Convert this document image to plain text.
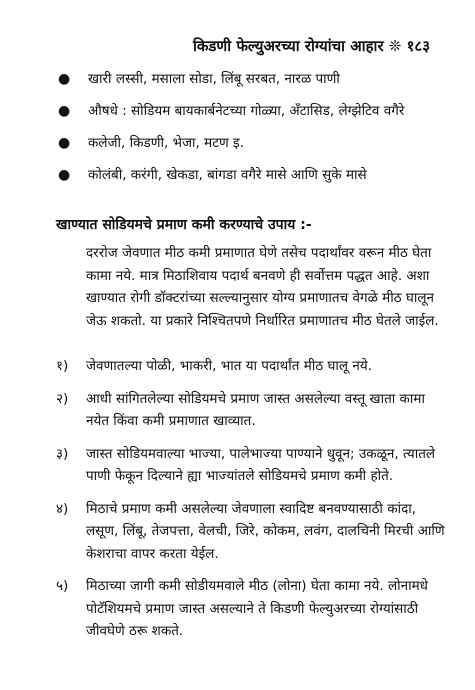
किडणी फेल्युअरच्या रोग्यांचा आहार ❊ १८३
●	खारी लस्सी, मसाला सोडा, लिंबू सरबत, नारळ पाणी
●	औषधे : सोडियम बायकार्बनेटच्या गोळ्या, अँटासिड, लेग्झेटिव वगैरे
●	कलेजी, किडणी, भेजा, मटण इ.
●	कोलंबी, करंगी, खेकडा, बांगडा वगैरे मासे आणि सुके मासे
खाण्यात सोडियमचे प्रमाण कमी करण्याचे उपाय :-
दररोज जेवणात मीठ कमी प्रमाणात घेणे तसेच पदार्थांवर वरून मीठ घेता कामा नये. मात्र मिठाशिवाय पदार्थ बनवणे ही सर्वोत्तम पद्धत आहे. अशा खाण्यात रोगी डॉक्टरांच्या सल्ल्यानुसार योग्य प्रमाणातच वेगळे मीठ घालून जेऊ शकतो. या प्रकारे निश्चितपणे निर्धारित प्रमाणातच मीठ घेतले जाईल.
१)	जेवणातल्या पोळी, भाकरी, भात या पदार्थांत मीठ घालू नये.
२)	आधी सांगितलेल्या सोडियमचे प्रमाण जास्त असलेल्या वस्तू खाता कामा नयेत किंवा कमी प्रमाणात खाव्यात.
३)	जास्त सोडियमवाल्या भाज्या, पालेभाज्या पाण्याने धुवून; उकळून, त्यातले पाणी फेकून दिल्याने ह्या भाज्यांतले सोडियमचे प्रमाण कमी होते.
४)	मिठाचे प्रमाण कमी असलेल्या जेवणाला स्वादिष्ट बनवण्यासाठी कांदा, लसूण, लिंबू, तेजपत्ता, वेलची, जिरे, कोकम, लवंग, दालचिनी मिरची आणि केशराचा वापर करता येईल.
५)	मिठाच्या जागी कमी सोडीयमवाले मीठ (लोना) घेता कामा नये. लोनामधे पोटॅशियमचे प्रमाण जास्त असल्याने ते किडणी फेल्युअरच्या रोग्यांसाठी जीवघेणे ठरू शकते.
